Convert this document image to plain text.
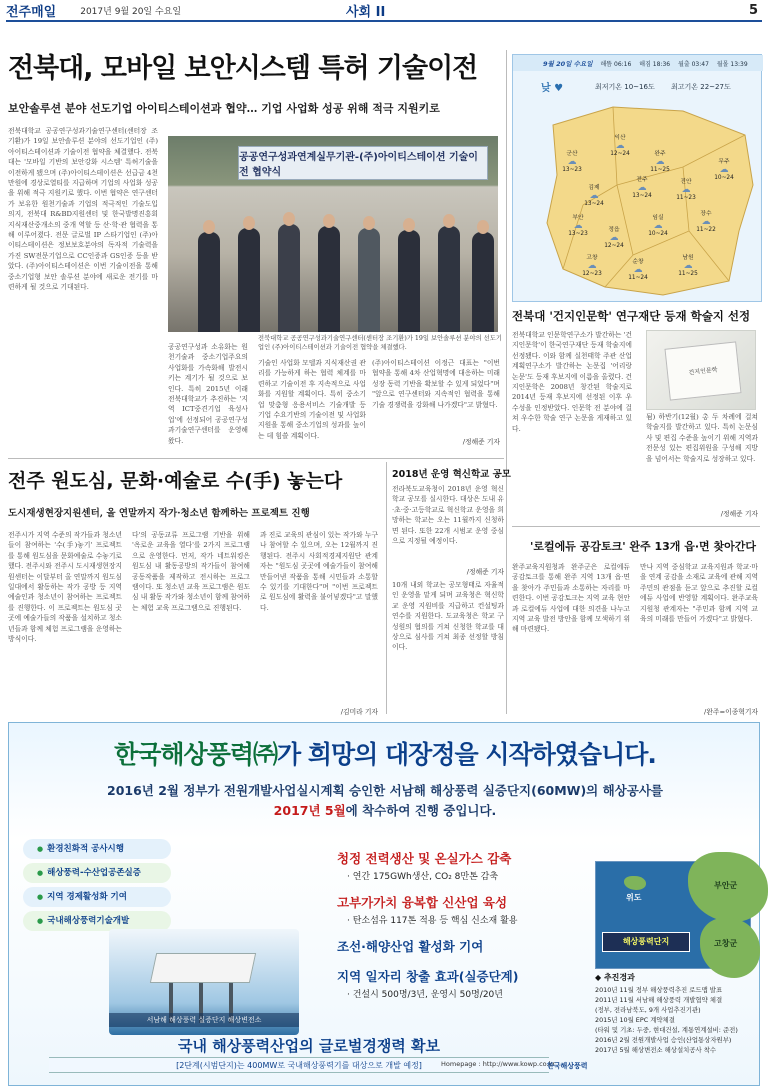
전주매일	2017년 9월 20일 수요일	사회 II	5
전북대, 모바일 보안시스템 특허 기술이전
보안솔루션 분야 선도기업 아이티스테이션과 협약… 기업 사업화 성공 위해 적극 지원키로
전북대학교 공공연구성과기술연구센터(센터장 조기환)가 19일 보안솔루션 분야의 선도기업인 (주)아이티스테이션과 기술이전 협약을 체결했다. 전북대는 '모바일 기반의 보안강화 시스템' 특허기술을 이전하게 됐으며 (주)아이티스테이션은 선급금 4천만원에 경상로열티를 지급하며 기업의 사업화 성공을 위해 적극 지원키로 했다. 이번 협약은 연구센터가 보유한 원천기술과 기업의 적극적인 기술도입 의지, 전북대 R&BD지원센터 및 한국발명진흥회 지식재산중개소의 중개 역할 등 산·학·관 협력을 통해 이루어졌다. 전문 글로벌 IP 스타기업인 (주)아이티스테이션은 정보보호분야의 독자적 기술력을 가진 SW전문기업으로 CC인증과 GS인증 등을 받았다. (주)아이티스테이션은 이번 기술이전을 통해 중소기업형 보안 솔루션 분야에 새로운 전기를 마련하게 될 것으로 기대된다.
공공연구성과연계실무기관-(주)아이티스테이션 기술이전 협약식
전북대학교 공공연구성과기술연구센터(센터장 조기환)가 19일 보안솔루션 분야의 선도기업인 (주)아이티스테이션과 기술이전 협약을 체결했다.
공공연구성과 소유화는 원천기술과 중소기업주요의 사업화를 가속화해 발전시키는 계기가 될 것으로 보인다. 특히 2015년 이래 전북대학교가 추진하는 '지역 ICT중견기업 육성사업'에 선정되어 공공연구성과기술연구센터를 운영해 왔다.
기술인 사업화 모델과 지식재산권 관리를 가능하게 하는 협력 체계를 마련하고 기술이전 후 지속적으로 사업화를 지원할 계획이다. 특히 중소기업 맞춤형 응용서비스 기술개발 등 기업 수요기반의 기술이전 및 사업화 지원을 통해 중소기업의 성과를 높이는 데 힘쓸 계획이다.
(주)아이티스테이션 이정근 대표는 "이번 협약을 통해 4차 산업혁명에 대응하는 미래 성장 동력 기반을 확보할 수 있게 되었다"며 "앞으로 연구센터와 지속적인 협력을 통해 기술 경쟁력을 강화해 나가겠다"고 밝혔다.
/정해준 기자
9월 20일 수요일 해뜸 06:16 해짐 18:36 월출 03:47 월몰 13:39
낮 ♥	최저기온 10~16도 최고기온 22~27도
군산
☁
13~23
익산
☁
12~24	완주
☁
11~25
김제
☁
13~24
전주
☁
13~24
진안
☁
11~23
무주
☁
10~24
부안
☁
13~23
정읍
☁
12~24
임실
☁
10~24
장수
☁
11~22
고창
☁
12~23
순창
☁
11~24
남원
☁
11~25
전북대 '건지인문학' 연구재단 등재 학술지 선정
전북대학교 인문학연구소가 발간하는 '건지인문학'이 한국연구재단 등재 학술지에 선정됐다. 이와 함께 실천태학 주관 산업계획연구소가 발간하는 논문집 '어리랑 논문'도 등재 후보지에 이름을 올렸다. 건지인문학은 2008년 창간된 학술지로 2014년 등재 후보지에 선정된 이후 우수성을 인정받았다. 인문학 전 분야에 걸쳐 우수한 학술 연구 논문을 게재하고 있다.
건지인문학
됨) 하반기(12월) 총 두 차례에 걸쳐 학술지를 발간하고 있다. 특히 논문심사 및 편집 수준을 높이기 위해 지역과 전문성 있는 편집위원을 구성해 지방을 넘어서는 학술지로 성장하고 있다.
/정해준 기자
전주 원도심, 문화·예술로 수(手) 놓는다
도시재생현장지원센터, 올 연말까지 작가·청소년 함께하는 프로젝트 진행
전주시가 지역 수준의 작가들과 청소년들이 참여하는 '수(手)놓기' 프로젝트를 통해 원도심을 문화예술로 수놓기로 했다. 전주시와 전주시 도시재생현장지원센터는 이달부터 올 연말까지 원도심 일대에서 활동하는 작가 공방 등 지역 예술인과 청소년이 참여하는 프로젝트를 진행한다. 이 프로젝트는 원도심 곳곳에 예술가들의 작품을 설치하고 청소년들과 함께 체험 프로그램을 운영하는 방식이다.
다'의 공동교류 프로그램 기반을 위해 '옥로운 교육을 열다'를 2가지 프로그램으로 운영한다. 먼저, 작가 네트워킹은 원도심 내 활동공방의 작가들이 참여해 공동작품을 제작하고 전시하는 프로그램이다. 또 청소년 교육 프로그램은 원도심 내 활동 작가와 청소년이 함께 참여하는 체험 교육 프로그램으로 진행된다.
과 진로 교육의 관심이 있는 작가와 누구나 참여할 수 있으며, 오는 12월까지 진행된다. 전주시 사회적경제지원단 관계자는 "원도심 곳곳에 예술가들이 참여해 만들어낸 작품을 통해 시민들과 소통할 수 있기를 기대한다"며 "이번 프로젝트로 원도심에 활력을 불어넣겠다"고 말했다.
/김미라 기자
2018년 운영 혁신학교 공모
전라북도교육청이 2018년 운영 혁신학교 공모를 실시한다. 대상은 도내 유·초·중·고등학교로 혁신학교 운영을 희망하는 학교는 오는 11월까지 신청하면 된다. 또한 22개 시범교 운영 중심으로 지정될 예정이다.
10개 내외 학교는 공모형태로 자율적인 운영을 맡게 되며 교육청은 혁신학교 운영 지원비를 지급하고 컨설팅과 연수를 지원한다. 도교육청은 학교 구성원의 협의를 거쳐 신청한 학교를 대상으로 심사를 거쳐 최종 선정할 방침이다.
/정해준 기자
'로컬에듀 공감토크' 완주 13개 읍·면 찾아간다
완주교육지원청과 완주군은 로컬에듀 공감토크를 통해 완주 지역 13개 읍·면을 찾아가 주민들과 소통하는 자리를 마련한다. 이번 공감토크는 지역 교육 현안과 로컬에듀 사업에 대한 의견을 나누고 지역 교육 발전 방안을 함께 모색하기 위해 마련됐다.
만나 지역 중심학교 교육지원과 학교·마을 연계 공감을 소재로 교육에 관해 지역 주민의 관점을 듣고 앞으로 추진할 로컬에듀 사업에 반영할 계획이다. 완주교육지원청 관계자는 "주민과 함께 지역 교육의 미래를 만들어 가겠다"고 밝혔다.
/완주=이종혁기자
한국해상풍력㈜가 희망의 대장정을 시작하였습니다.
2016년 2월 정부가 전원개발사업실시계획 승인한 서남해 해상풍력 실증단지(60MW)의 해상공사를
2017년 5월에 착수하여 진행 중입니다.
● 환경친화적 공사시행
● 해상풍력-수산업공존실증
● 지역 경제활성화 기여
● 국내해상풍력기술개발
서남해 해상풍력 실증단지 해상변전소
청정 전력생산 및 온실가스 감축
· 연간 175GWh생산, CO₂ 8만톤 감축
고부가가치 융복합 신산업 육성
· 탄소섬유 117톤 적용 등 핵심 신소재 활용
조선·해양산업 활성화 기여
지역 일자리 창출 효과(실증단계)
· 건설시 500명/3년, 운영시 50명/20년
위도
부안군
고창군
해상풍력단지
◆ 추진경과
2010년 11월 정부 해상풍력추진 로드맵 발표
2011년 11월 서남해 해상풍력 개발협약 체결
(정부, 전라남북도, 9개 사업추진기관)
2015년 10월 EPC 계약체결
(타워 및 기초: 두중, 현대건설, 계통연계설비: 준전)
2016년 2월 전원개발사업 승인(산업통상자원부)
2017년 5월 해상변전소 해상설치공사 착수
국내 해상풍력산업의 글로벌경쟁력 확보
[2단계(시범단지)는 400MW로 국내해상풍력기를 대상으로 개발 예정]	Homepage : http://www.kowp.co.kr
한국해상풍력
